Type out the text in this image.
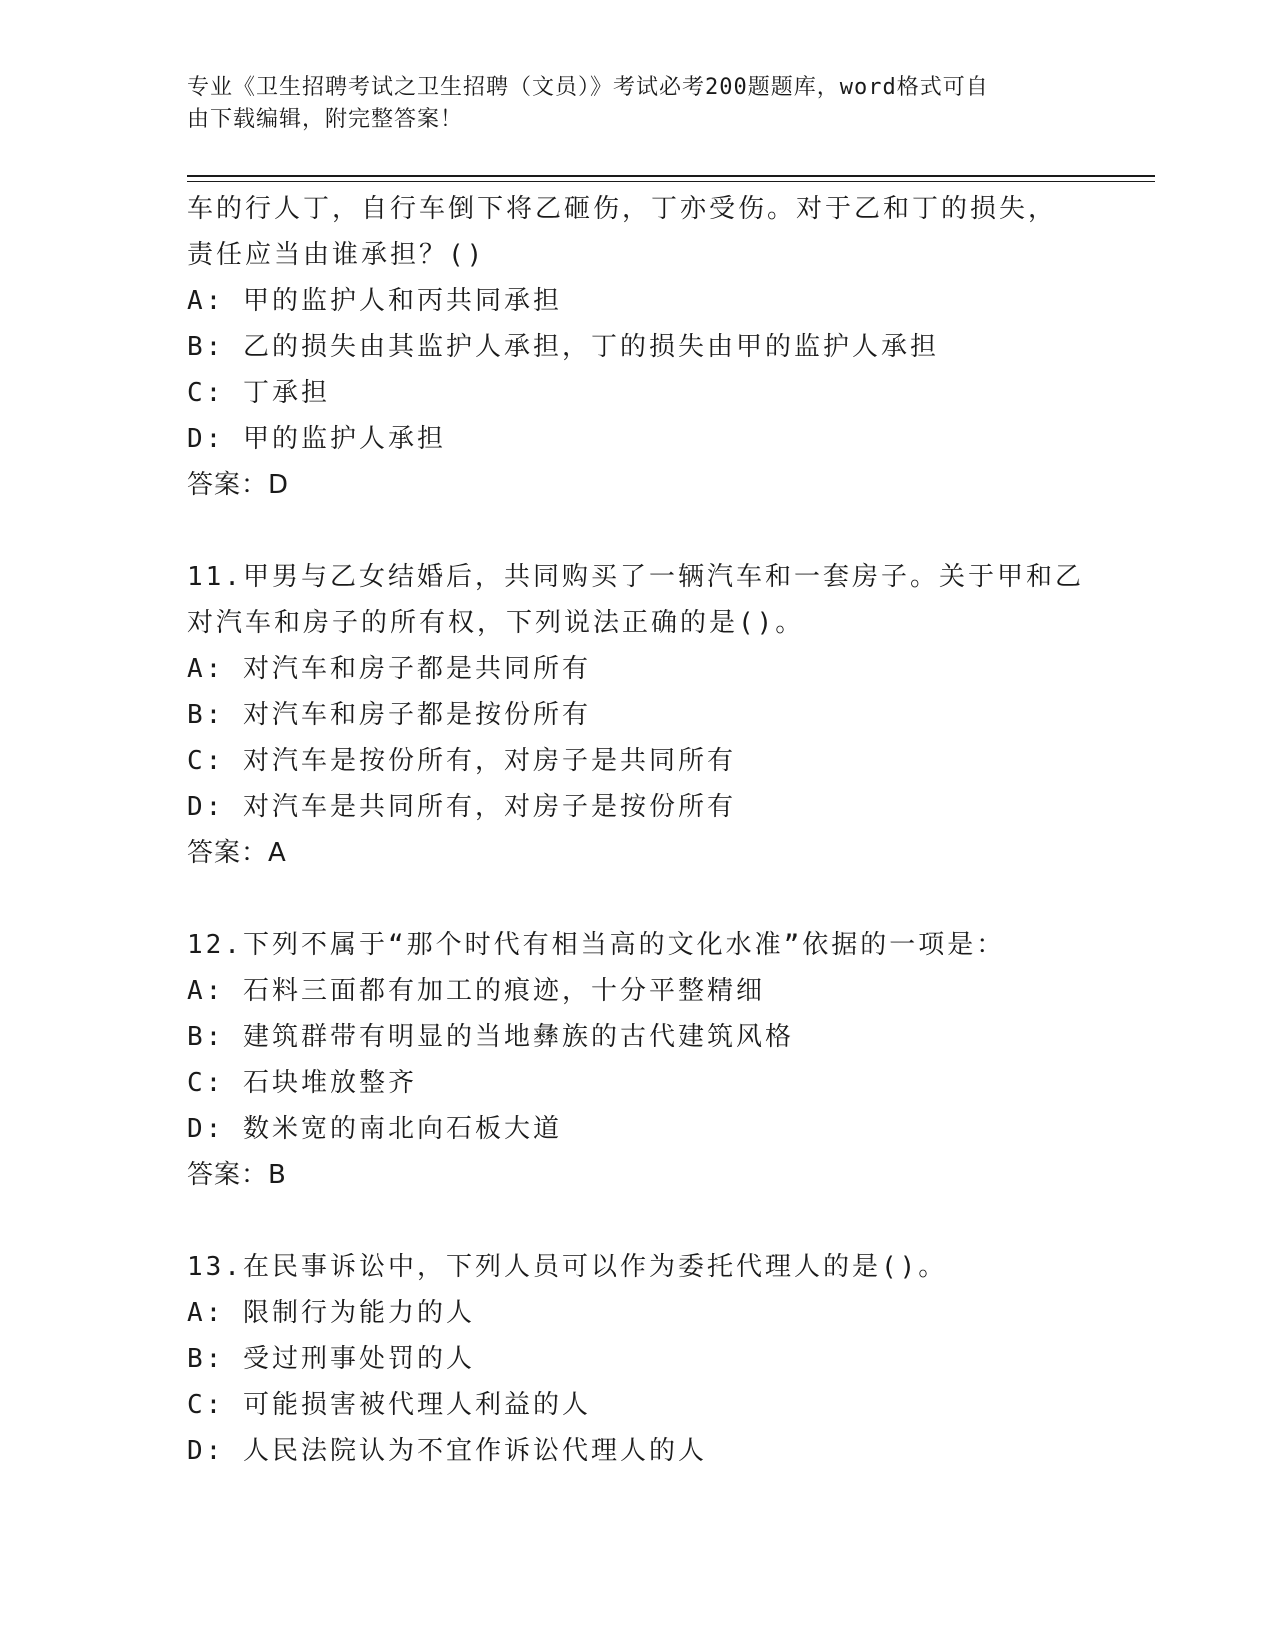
专业《卫生招聘考试之卫生招聘（文员）》考试必考200题题库，word格式可自
由下载编辑，附完整答案！
车的行人丁，自行车倒下将乙砸伤，丁亦受伤。对于乙和丁的损失，
责任应当由谁承担？()
A: 甲的监护人和丙共同承担
B: 乙的损失由其监护人承担，丁的损失由甲的监护人承担
C: 丁承担
D: 甲的监护人承担
答案：D
11.甲男与乙女结婚后，共同购买了一辆汽车和一套房子。关于甲和乙
对汽车和房子的所有权，下列说法正确的是()。
A: 对汽车和房子都是共同所有
B: 对汽车和房子都是按份所有
C: 对汽车是按份所有，对房子是共同所有
D: 对汽车是共同所有，对房子是按份所有
答案：A
12.下列不属于“那个时代有相当高的文化水准”依据的一项是：
A: 石料三面都有加工的痕迹，十分平整精细
B: 建筑群带有明显的当地彝族的古代建筑风格
C: 石块堆放整齐
D: 数米宽的南北向石板大道
答案：B
13.在民事诉讼中，下列人员可以作为委托代理人的是()。
A: 限制行为能力的人
B: 受过刑事处罚的人
C: 可能损害被代理人利益的人
D: 人民法院认为不宜作诉讼代理人的人
